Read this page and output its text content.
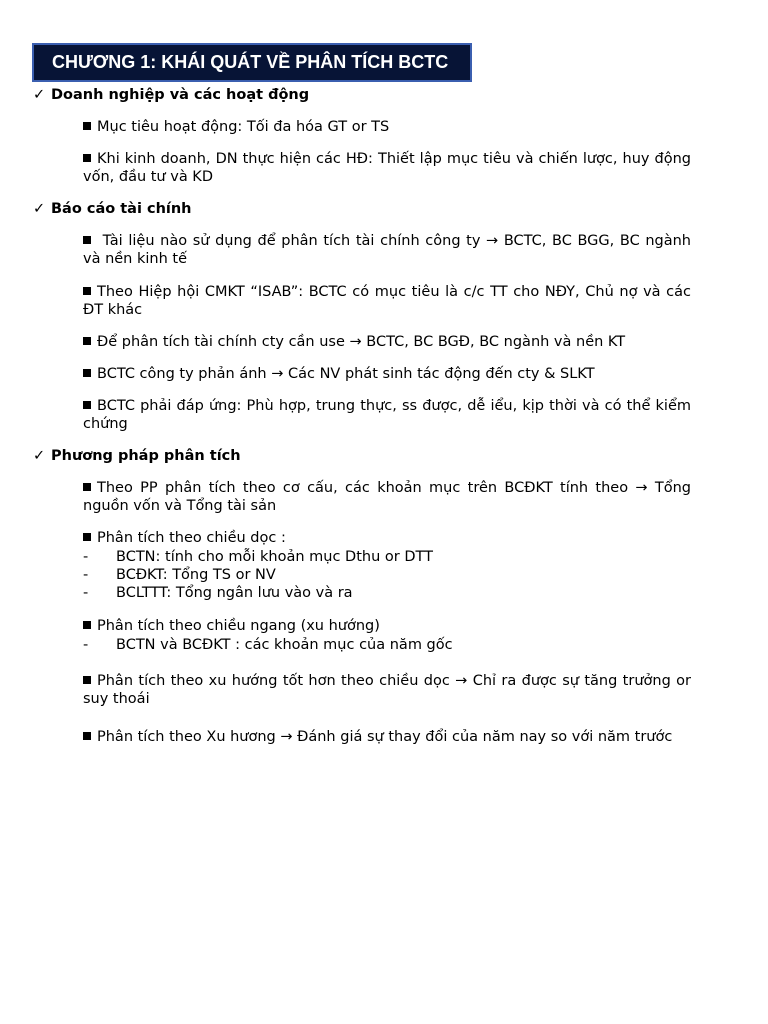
CHƯƠNG 1: KHÁI QUÁT VỀ PHÂN TÍCH BCTC
✓ Doanh nghiệp và các hoạt động
Mục tiêu hoạt động: Tối đa hóa GT or TS
Khi kinh doanh, DN thực hiện các HĐ: Thiết lập mục tiêu và chiến lược, huy động vốn, đầu tư và KD
✓ Báo cáo tài chính
Tài liệu nào sử dụng để phân tích tài chính công ty → BCTC, BC BGG, BC ngành và nền kinh tế
Theo Hiệp hội CMKT “ISAB”: BCTC có mục tiêu là c/c TT cho NĐY, Chủ nợ và các ĐT khác
Để phân tích tài chính cty cần use → BCTC, BC BGĐ, BC ngành và nền KT
BCTC công ty phản ánh → Các NV phát sinh tác động đến cty & SLKT
BCTC phải đáp ứng: Phù hợp, trung thực, ss được, dễ iểu, kịp thời và có thể kiểm chứng
✓ Phương pháp phân tích
Theo PP phân tích theo cơ cấu, các khoản mục trên BCĐKT tính theo → Tổng nguồn vốn và Tổng tài sản
Phân tích theo chiều dọc :
- BCTN: tính cho mỗi khoản mục Dthu or DTT
- BCĐKT: Tổng TS or NV
- BCLTTT: Tổng ngân lưu vào và ra
Phân tích theo chiều ngang (xu hướng)
- BCTN và BCĐKT : các khoản mục của năm gốc
Phân tích theo xu hướng tốt hơn theo chiều dọc → Chỉ ra được sự tăng trưởng or suy thoái
Phân tích theo Xu hương → Đánh giá sự thay đổi của năm nay so với năm trước
